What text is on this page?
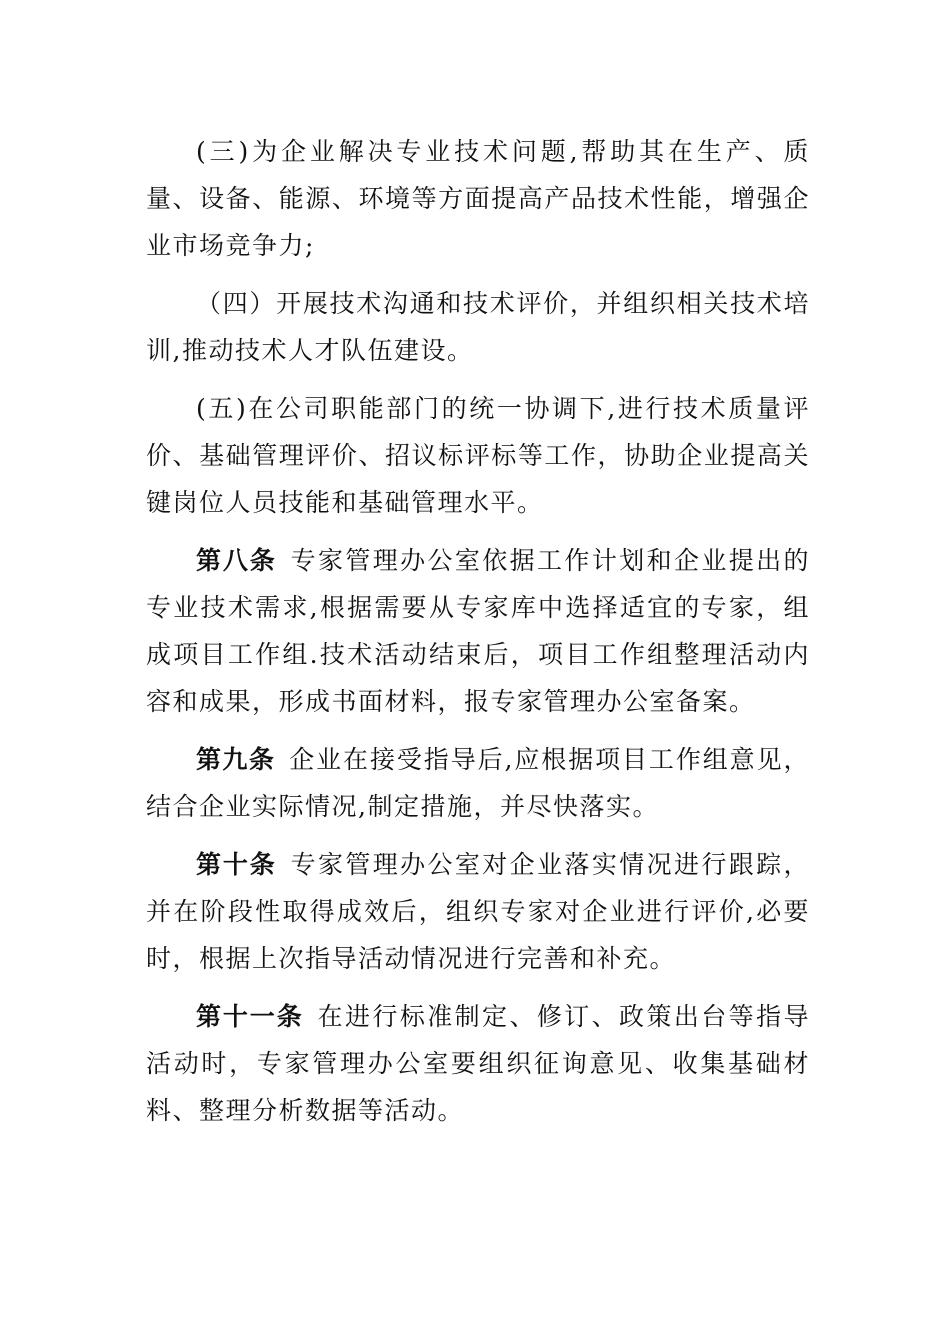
(三)为企业解决专业技术问题,帮助其在生产、质量、设备、能源、环境等方面提高产品技术性能，增强企业市场竞争力;

（四）开展技术沟通和技术评价，并组织相关技术培训,推动技术人才队伍建设。

(五)在公司职能部门的统一协调下,进行技术质量评价、基础管理评价、招议标评标等工作，协助企业提高关键岗位人员技能和基础管理水平。

第八条 专家管理办公室依据工作计划和企业提出的专业技术需求,根据需要从专家库中选择适宜的专家，组成项目工作组.技术活动结束后，项目工作组整理活动内容和成果，形成书面材料，报专家管理办公室备案。

第九条 企业在接受指导后,应根据项目工作组意见，结合企业实际情况,制定措施，并尽快落实。

第十条 专家管理办公室对企业落实情况进行跟踪，并在阶段性取得成效后，组织专家对企业进行评价,必要时，根据上次指导活动情况进行完善和补充。

第十一条 在进行标准制定、修订、政策出台等指导活动时，专家管理办公室要组织征询意见、收集基础材料、整理分析数据等活动。
